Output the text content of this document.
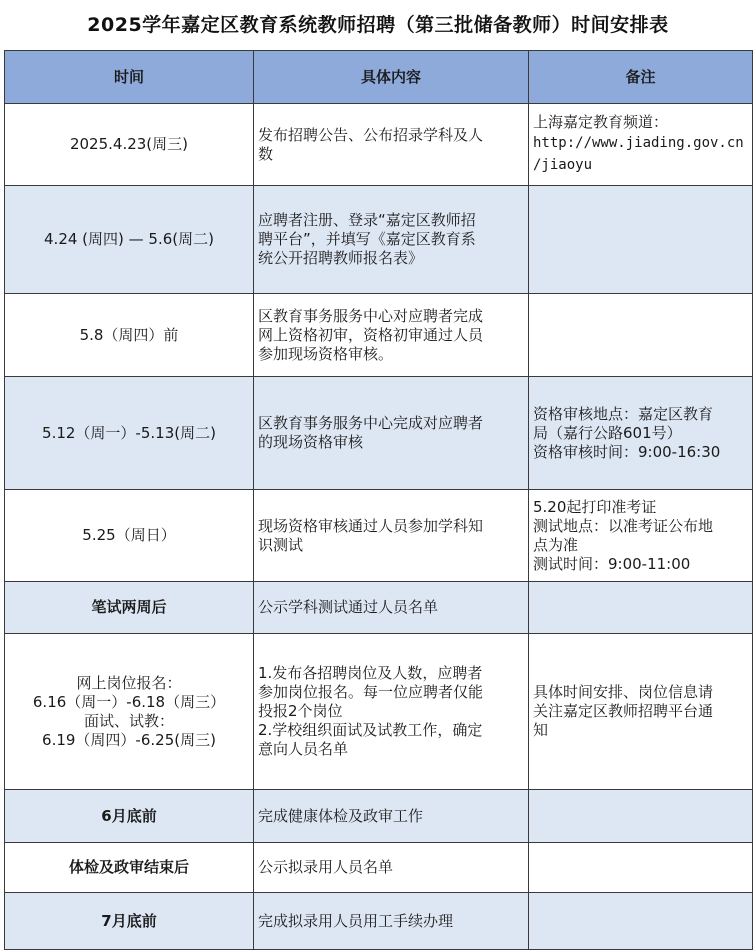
2025学年嘉定区教育系统教师招聘（第三批储备教师）时间安排表
时间	具体内容	备注

2025.4.23(周三)	发布招聘公告、公布招录学科及人
数	上海嘉定教育频道：
http://www.jiading.gov.cn
/jiaoyu

4.24 (周四) — 5.6(周二)	应聘者注册、登录“嘉定区教师招
聘平台”，并填写《嘉定区教育系
统公开招聘教师报名表》	

5.8（周四）前	区教育事务服务中心对应聘者完成
网上资格初审，资格初审通过人员
参加现场资格审核。	

5.12（周一）-5.13(周二)	区教育事务服务中心完成对应聘者
的现场资格审核	资格审核地点：嘉定区教育
局（嘉行公路601号）
资格审核时间：9:00-16:30

5.25（周日）	现场资格审核通过人员参加学科知
识测试	5.20起打印准考证
测试地点：以准考证公布地
点为准
测试时间：9:00-11:00

笔试两周后	公示学科测试通过人员名单	

网上岗位报名：
6.16（周一）-6.18（周三）
面试、试教：
6.19（周四）-6.25(周三)	1.发布各招聘岗位及人数，应聘者
参加岗位报名。每一位应聘者仅能
投报2个岗位
2.学校组织面试及试教工作，确定
意向人员名单	具体时间安排、岗位信息请
关注嘉定区教师招聘平台通
知

6月底前	完成健康体检及政审工作	

体检及政审结束后	公示拟录用人员名单	

7月底前	完成拟录用人员用工手续办理	
